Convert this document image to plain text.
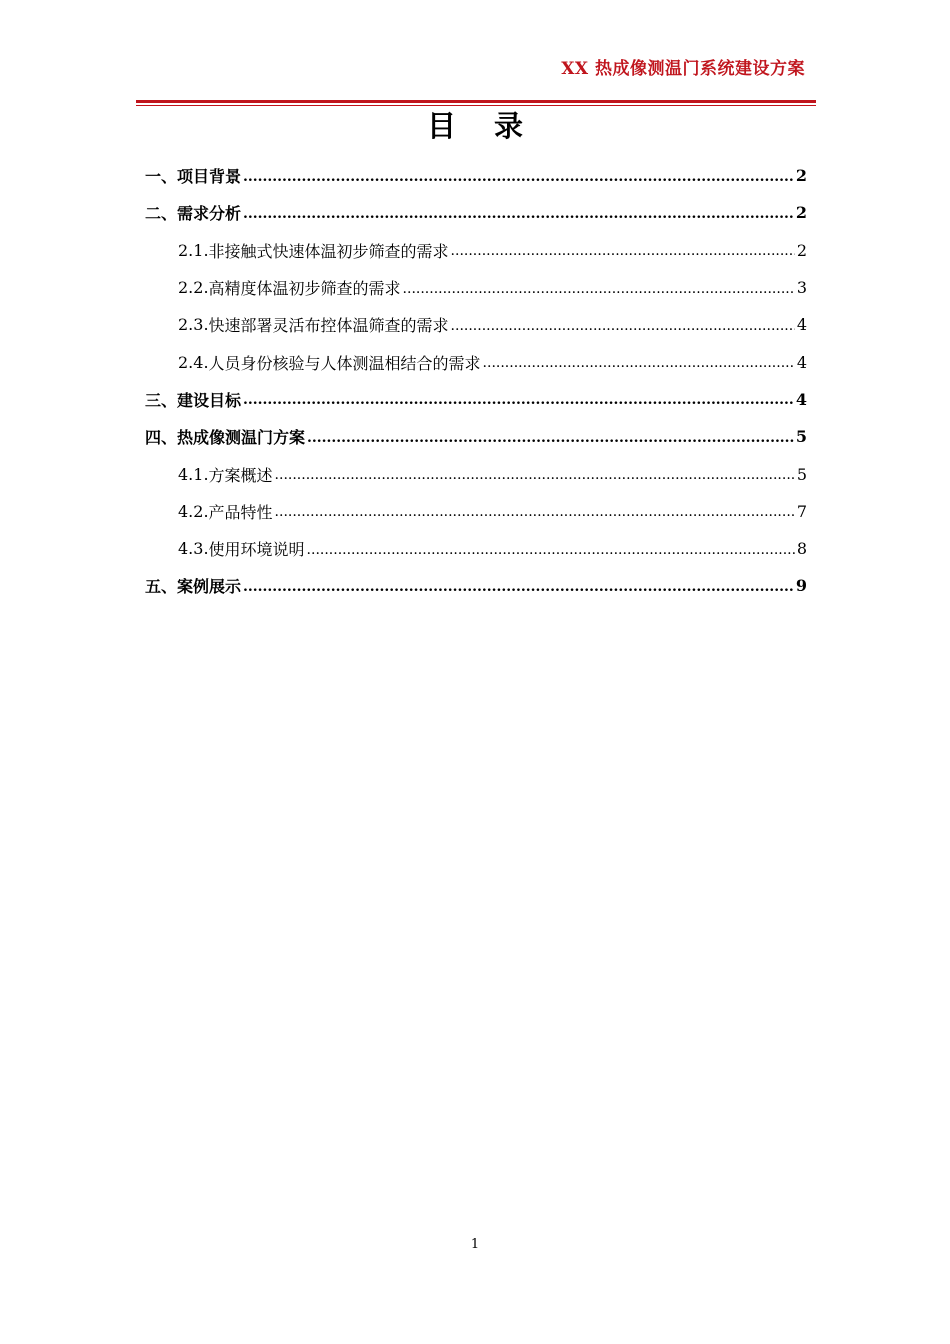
XX 热成像测温门系统建设方案
目 录
一、 项目背景 .....	2
二、 需求分析 .....	2
2.1. 非接触式快速体温初步筛查的需求 .....	2
2.2. 高精度体温初步筛查的需求 .....	3
2.3. 快速部署灵活布控体温筛查的需求 .....	4
2.4. 人员身份核验与人体测温相结合的需求 .....	4
三、 建设目标 .....	4
四、 热成像测温门方案 .....	5
4.1. 方案概述 .....	5
4.2. 产品特性 .....	7
4.3. 使用环境说明 .....	8
五、 案例展示 .....	9
1
